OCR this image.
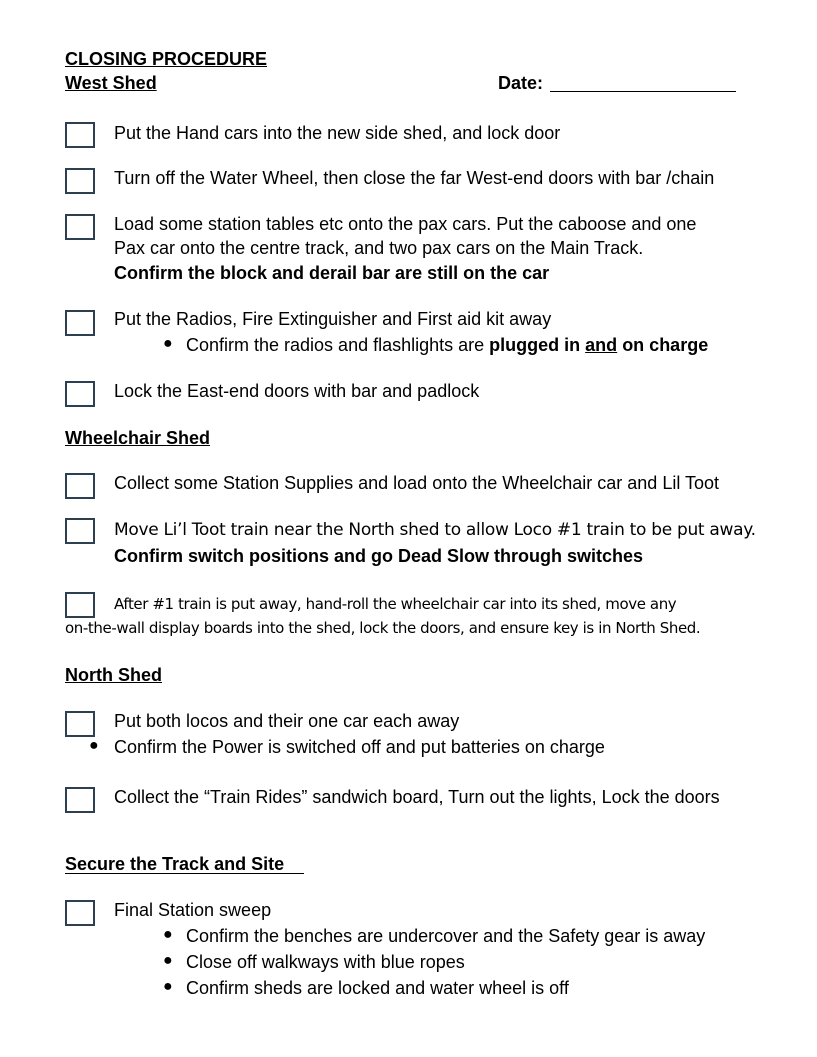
CLOSING PROCEDURE
West Shed	Date:
Put the Hand cars into the new side shed, and lock door
Turn off the Water Wheel, then close the far West-end doors with bar /chain
Load some station tables etc onto the pax cars. Put the caboose and one
Pax car onto the centre track, and two pax cars on the Main Track.
Confirm the block and derail bar are still on the car
Put the Radios, Fire Extinguisher and First aid kit away
● Confirm the radios and flashlights are plugged in and on charge
Lock the East-end doors with bar and padlock
Wheelchair Shed
Collect some Station Supplies and load onto the Wheelchair car and Lil Toot
Move Li’l Toot train near the North shed to allow Loco #1 train to be put away.
Confirm switch positions and go Dead Slow through switches
After #1 train is put away, hand-roll the wheelchair car into its shed, move any
on-the-wall display boards into the shed, lock the doors, and ensure key is in North Shed.
North Shed
Put both locos and their one car each away
● Confirm the Power is switched off and put batteries on charge
Collect the “Train Rides” sandwich board, Turn out the lights, Lock the doors
Secure the Track and Site
Final Station sweep
● Confirm the benches are undercover and the Safety gear is away
● Close off walkways with blue ropes
● Confirm sheds are locked and water wheel is off
